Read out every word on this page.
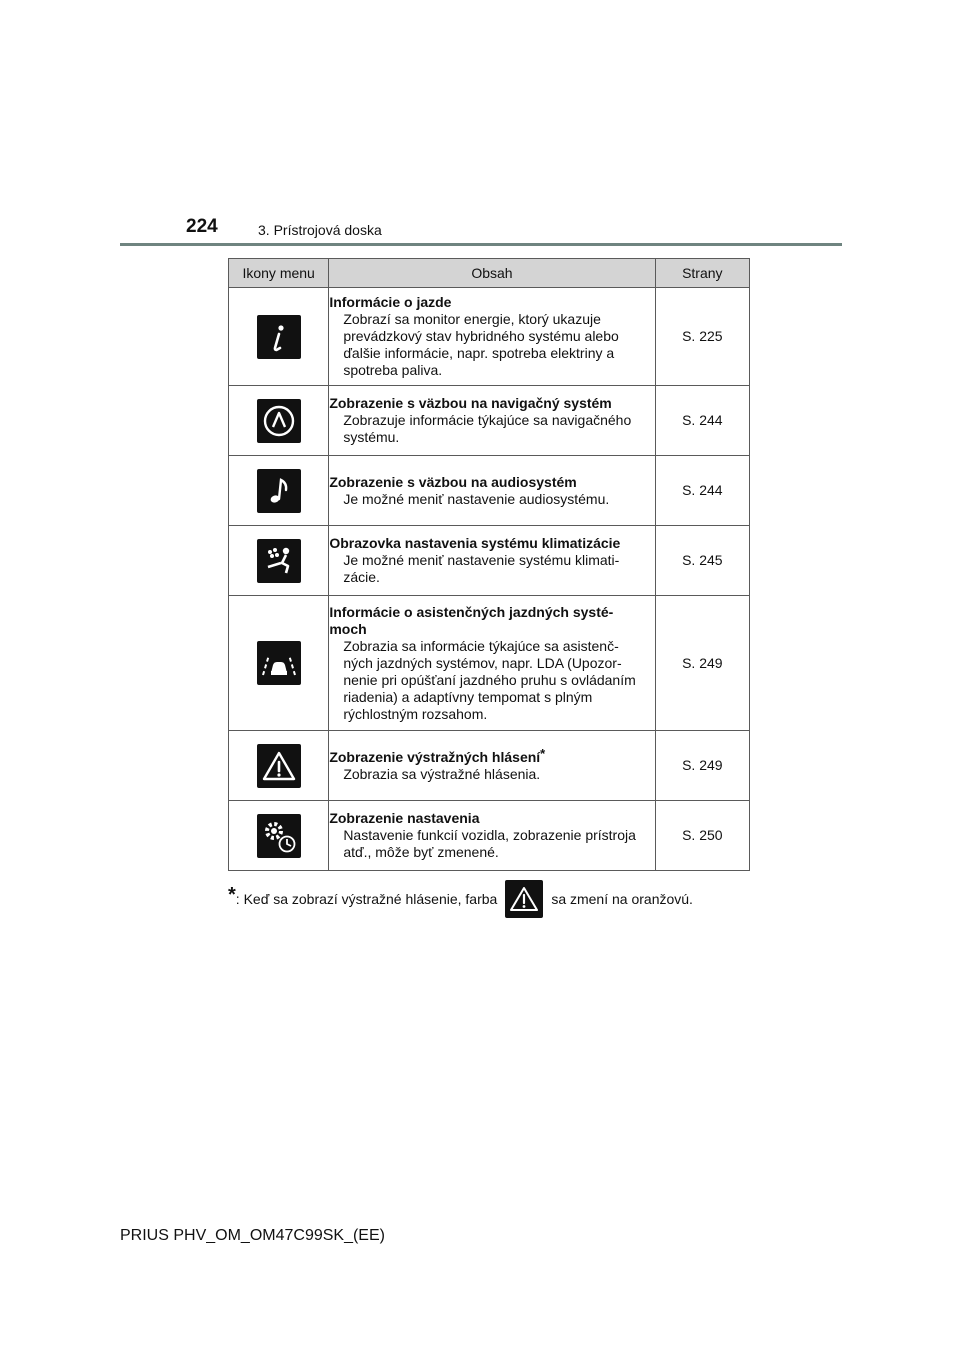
224	3. Prístrojová doska
Ikony menu	Obsah	Strany

Informácie o jazde
Zobrazí sa monitor energie, ktorý ukazuje prevádzkový stav hybridného systému alebo ďalšie informácie, napr. spotreba elektriny a spotreba paliva.	S. 225

Zobrazenie s väzbou na navigačný systém
Zobrazuje informácie týkajúce sa navigačného systému.	S. 244

Zobrazenie s väzbou na audiosystém
Je možné meniť nastavenie audiosystému.	S. 244

Obrazovka nastavenia systému klimatizácie
Je možné meniť nastavenie systému klimati- zácie.	S. 245

Informácie o asistenčných jazdných systé- moch
Zobrazia sa informácie týkajúce sa asistenč- ných jazdných systémov, napr. LDA (Upozor- nenie pri opúšťaní jazdného pruhu s ovládaním riadenia) a adaptívny tempomat s plným rýchlostným rozsahom.	S. 249

Zobrazenie výstražných hlásení*
Zobrazia sa výstražné hlásenia.	S. 249

Zobrazenie nastavenia
Nastavenie funkcií vozidla, zobrazenie prístroja atď., môže byť zmenené.	S. 250
* : Keď sa zobrazí výstražné hlásenie, farba	sa zmení na oranžovú.
PRIUS PHV_OM_OM47C99SK_(EE)
